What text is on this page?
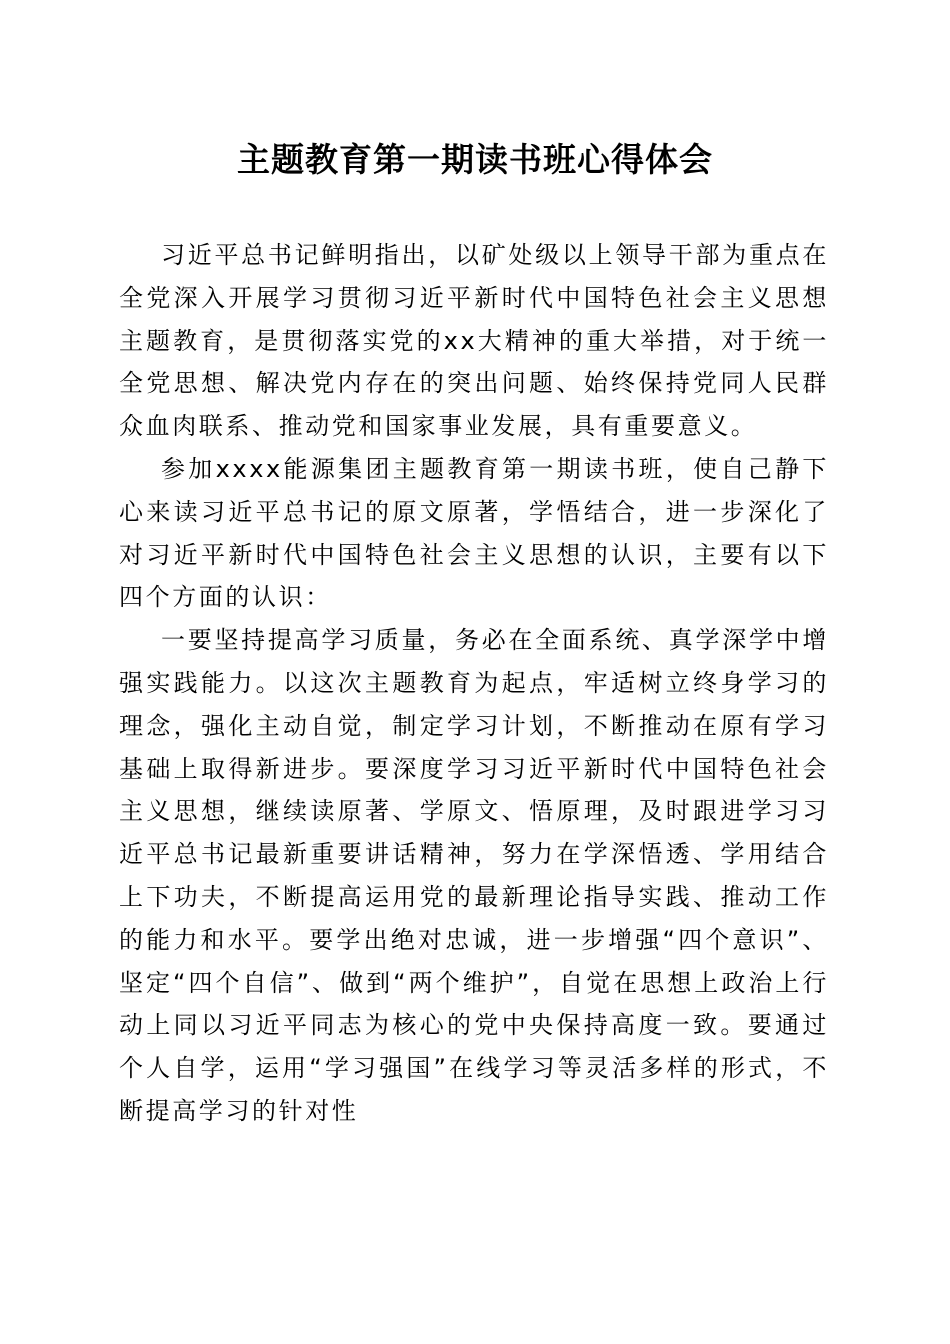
主题教育第一期读书班心得体会

习近平总书记鲜明指出，以矿处级以上领导干部为重点在全党深入开展学习贯彻习近平新时代中国特色社会主义思想主题教育，是贯彻落实党的xx大精神的重大举措，对于统一全党思想、解决党内存在的突出问题、始终保持党同人民群众血肉联系、推动党和国家事业发展，具有重要意义。

参加xxxx能源集团主题教育第一期读书班，使自己静下心来读习近平总书记的原文原著，学悟结合，进一步深化了对习近平新时代中国特色社会主义思想的认识，主要有以下四个方面的认识：

一要坚持提高学习质量，务必在全面系统、真学深学中增强实践能力。以这次主题教育为起点，牢适树立终身学习的理念，强化主动自觉，制定学习计划，不断推动在原有学习基础上取得新进步。要深度学习习近平新时代中国特色社会主义思想，继续读原著、学原文、悟原理，及时跟进学习习近平总书记最新重要讲话精神，努力在学深悟透、学用结合上下功夫，不断提高运用党的最新理论指导实践、推动工作的能力和水平。要学出绝对忠诚，进一步增强“四个意识”、坚定“四个自信”、做到“两个维护”，自觉在思想上政治上行动上同以习近平同志为核心的党中央保持高度一致。要通过个人自学，运用“学习强国”在线学习等灵活多样的形式，不断提高学习的针对性
